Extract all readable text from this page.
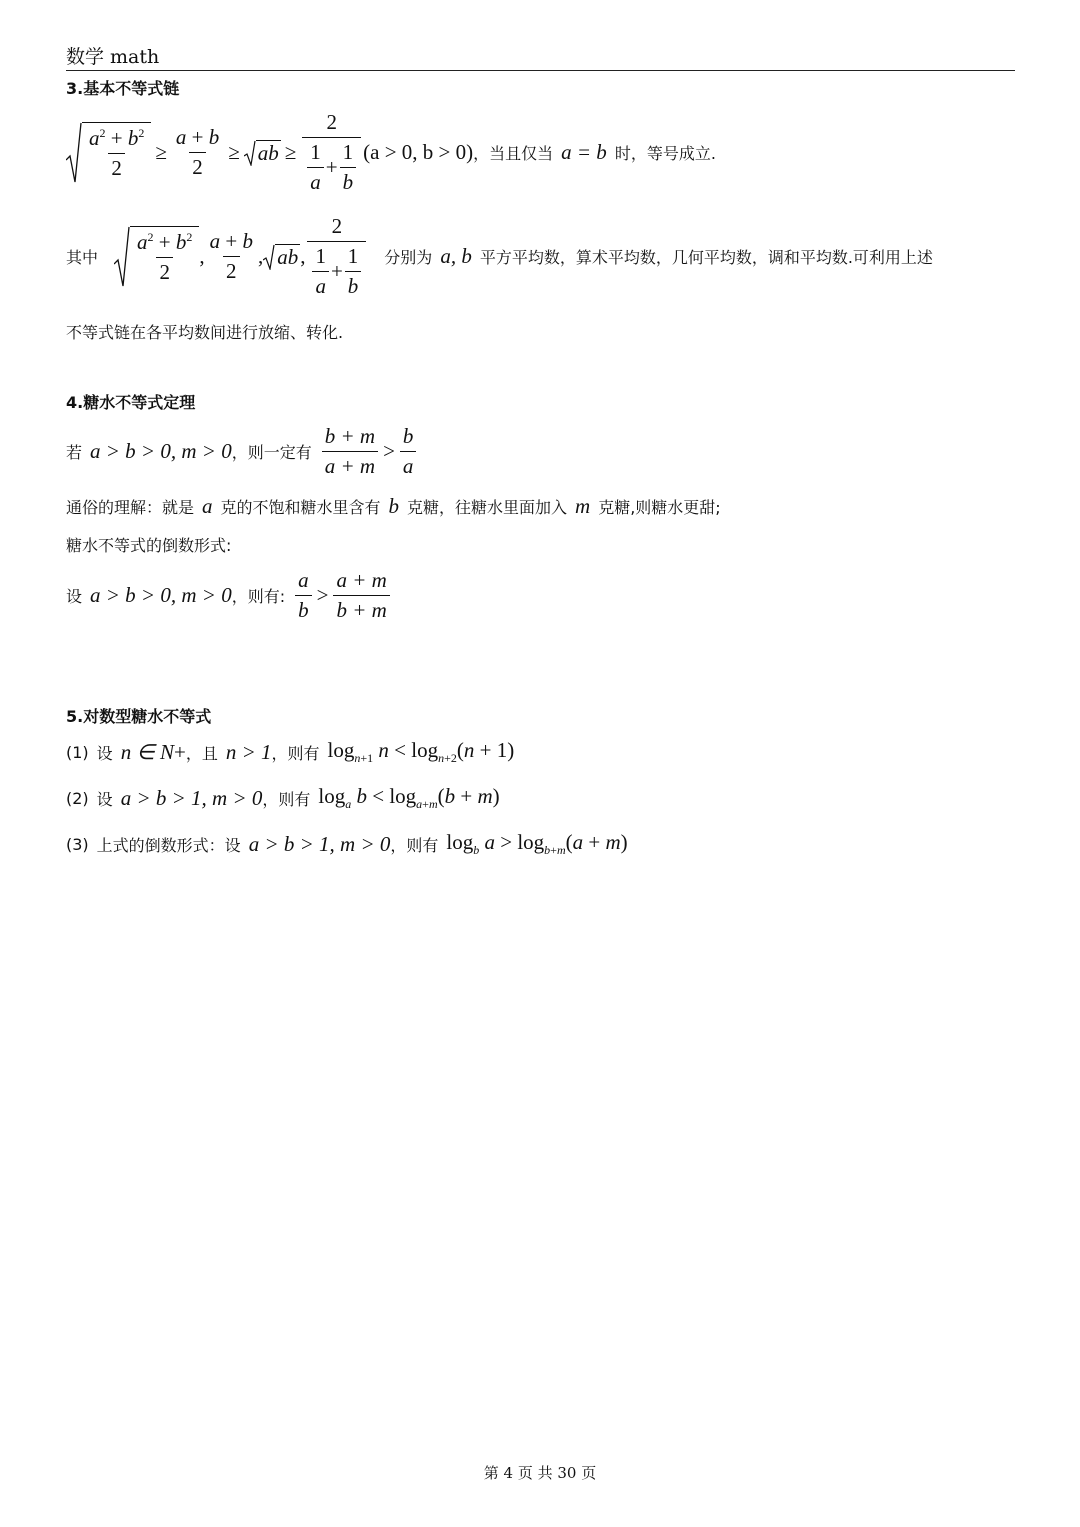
数学 math
3.基本不等式链
$\frac{a^2 + b^2}{2} \ge \frac{a + b}{2}$ ≥ ab ≥ $\frac{2}{\frac{1}{a} + \frac{1}{b}} (a > 0$, b > 0) ，当且仅当 a = b 时，等号成立.
其中 $\frac{a^2 + b^2}{2}$ , $\frac{a + b}{2}$ , ab , $\frac{2}{\frac{1}{a} + \frac{1}{b}}$ 分别为 a, b 平方平均数，算术平均数，几何平均数，调和平均数.可利用上述
不等式链在各平均数间进行放缩、转化.
4.糖水不等式定理
若 a > b > 0, m > 0 ，则一定有 $\frac{b + m}{a + m} > \frac{b}{a}$
通俗的理解：就是 a 克的不饱和糖水里含有 b 克糖，往糖水里面加入 m 克糖,则糖水更甜;
糖水不等式的倒数形式:
设 a > b > 0, m > 0 ，则有: $\frac{a}{b} > \frac{a + m}{b + m}$
5.对数型糖水不等式
(1) 设 n ∈ N + ，且 n > 1 ，则有 $\log_{n+1} n < \log_{n+2}(n + 1)$
(2) 设 a > b > 1, m > 0 ，则有 $\log_a b < \log_{a+m}(b + m)$
(3) 上式的倒数形式：设 a > b > 1, m > 0 ，则有 $\log_b a > \log_{b+m}(a + m)$
第 4 页 共 30 页
